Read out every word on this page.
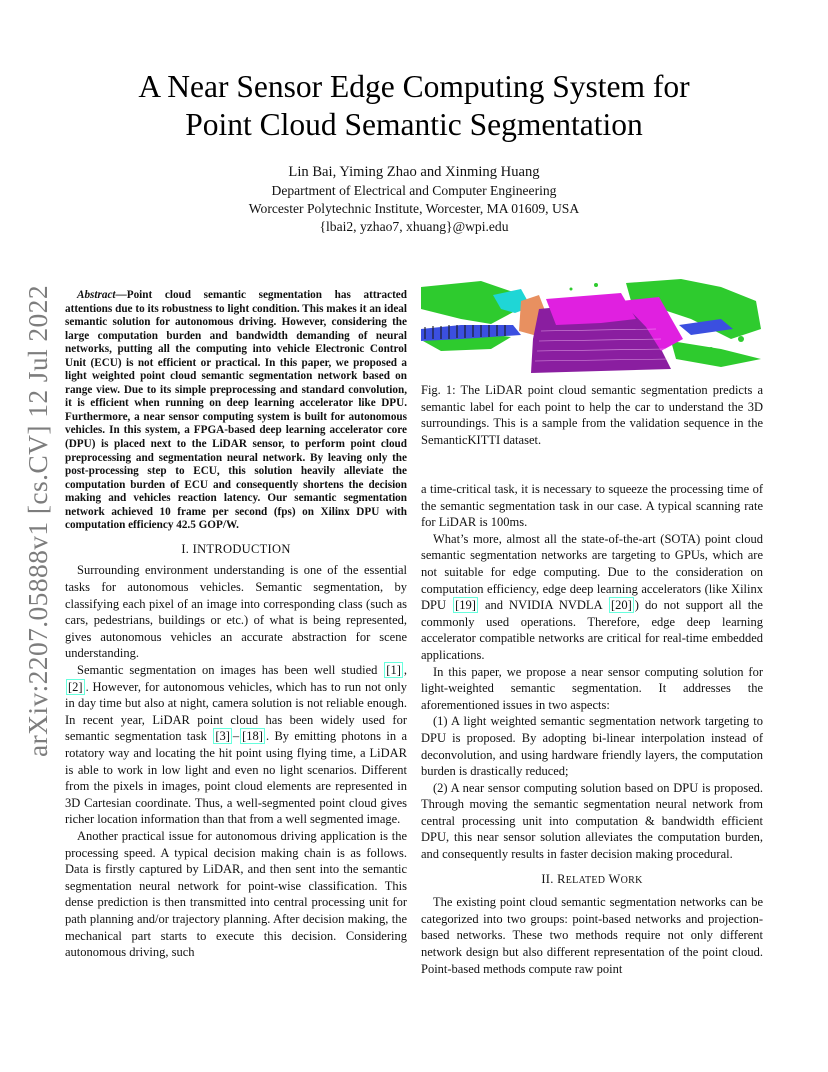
arXiv:2207.05888v1 [cs.CV] 12 Jul 2022
A Near Sensor Edge Computing System for
Point Cloud Semantic Segmentation
Lin Bai, Yiming Zhao and Xinming Huang
Department of Electrical and Computer Engineering
Worcester Polytechnic Institute, Worcester, MA 01609, USA
{lbai2, yzhao7, xhuang}@wpi.edu
Abstract—Point cloud semantic segmentation has attracted attentions due to its robustness to light condition. This makes it an ideal semantic solution for autonomous driving. However, considering the large computation burden and bandwidth demanding of neural networks, putting all the computing into vehicle Electronic Control Unit (ECU) is not efficient or practical. In this paper, we proposed a light weighted point cloud semantic segmentation network based on range view. Due to its simple preprocessing and standard convolution, it is efficient when running on deep learning accelerator like DPU. Furthermore, a near sensor computing system is built for autonomous vehicles. In this system, a FPGA-based deep learning accelerator core (DPU) is placed next to the LiDAR sensor, to perform point cloud preprocessing and segmentation neural network. By leaving only the post-processing step to ECU, this solution heavily alleviate the computation burden of ECU and consequently shortens the decision making and vehicles reaction latency. Our semantic segmentation network achieved 10 frame per second (fps) on Xilinx DPU with computation efficiency 42.5 GOP/W.
I. INTRODUCTION

Surrounding environment understanding is one of the essential tasks for autonomous vehicles. Semantic segmentation, by classifying each pixel of an image into corresponding class (such as cars, pedestrians, buildings or etc.) of what is being represented, gives autonomous vehicles an accurate abstraction for scene understanding.

Semantic segmentation on images has been well studied [1] , [2] . However, for autonomous vehicles, which has to run not only in day time but also at night, camera solution is not reliable enough. In recent year, LiDAR point cloud has been widely used for semantic segmentation task [3] – [18] . By emitting photons in a rotatory way and locating the hit point using flying time, a LiDAR is able to work in low light and even no light scenarios. Different from the pixels in images, point cloud elements are represented in 3D Cartesian coordinate. Thus, a well-segmented point cloud gives richer location information than that from a well segmented image.

Another practical issue for autonomous driving application is the processing speed. A typical decision making chain is as follows. Data is firstly captured by LiDAR, and then sent into the semantic segmentation neural network for point-wise classification. This dense prediction is then transmitted into central processing unit for path planning and/or trajectory planning. After decision making, the mechanical part starts to execute this decision. Considering autonomous driving, such

Fig. 1: The LiDAR point cloud semantic segmentation predicts a semantic label for each point to help the car to understand the 3D surroundings. This is a sample from the validation sequence in the SemanticKITTI dataset.

a time-critical task, it is necessary to squeeze the processing time of the semantic segmentation task in our case. A typical scanning rate for LiDAR is 100ms.

What’s more, almost all the state-of-the-art (SOTA) point cloud semantic segmentation networks are targeting to GPUs, which are not suitable for edge computing. Due to the consideration on computation efficiency, edge deep learning accelerators (like Xilinx DPU [19] and NVIDIA NVDLA [20] ) do not support all the commonly used operations. Therefore, edge deep learning accelerator compatible networks are critical for real-time embedded applications.

In this paper, we propose a near sensor computing solution for light-weighted semantic segmentation. It addresses the aforementioned issues in two aspects:

(1) A light weighted semantic segmentation network targeting to DPU is proposed. By adopting bi-linear interpolation instead of deconvolution, and using hardware friendly layers, the computation burden is drastically reduced;

(2) A near sensor computing solution based on DPU is proposed. Through moving the semantic segmentation neural network from central processing unit into computation & bandwidth efficient DPU, this near sensor solution alleviates the computation burden, and consequently results in faster decision making procedural.

II. RELATED WORK

The existing point cloud semantic segmentation networks can be categorized into two groups: point-based networks and projection-based networks. These two methods require not only different network design but also different representation of the point cloud. Point-based methods compute raw point
